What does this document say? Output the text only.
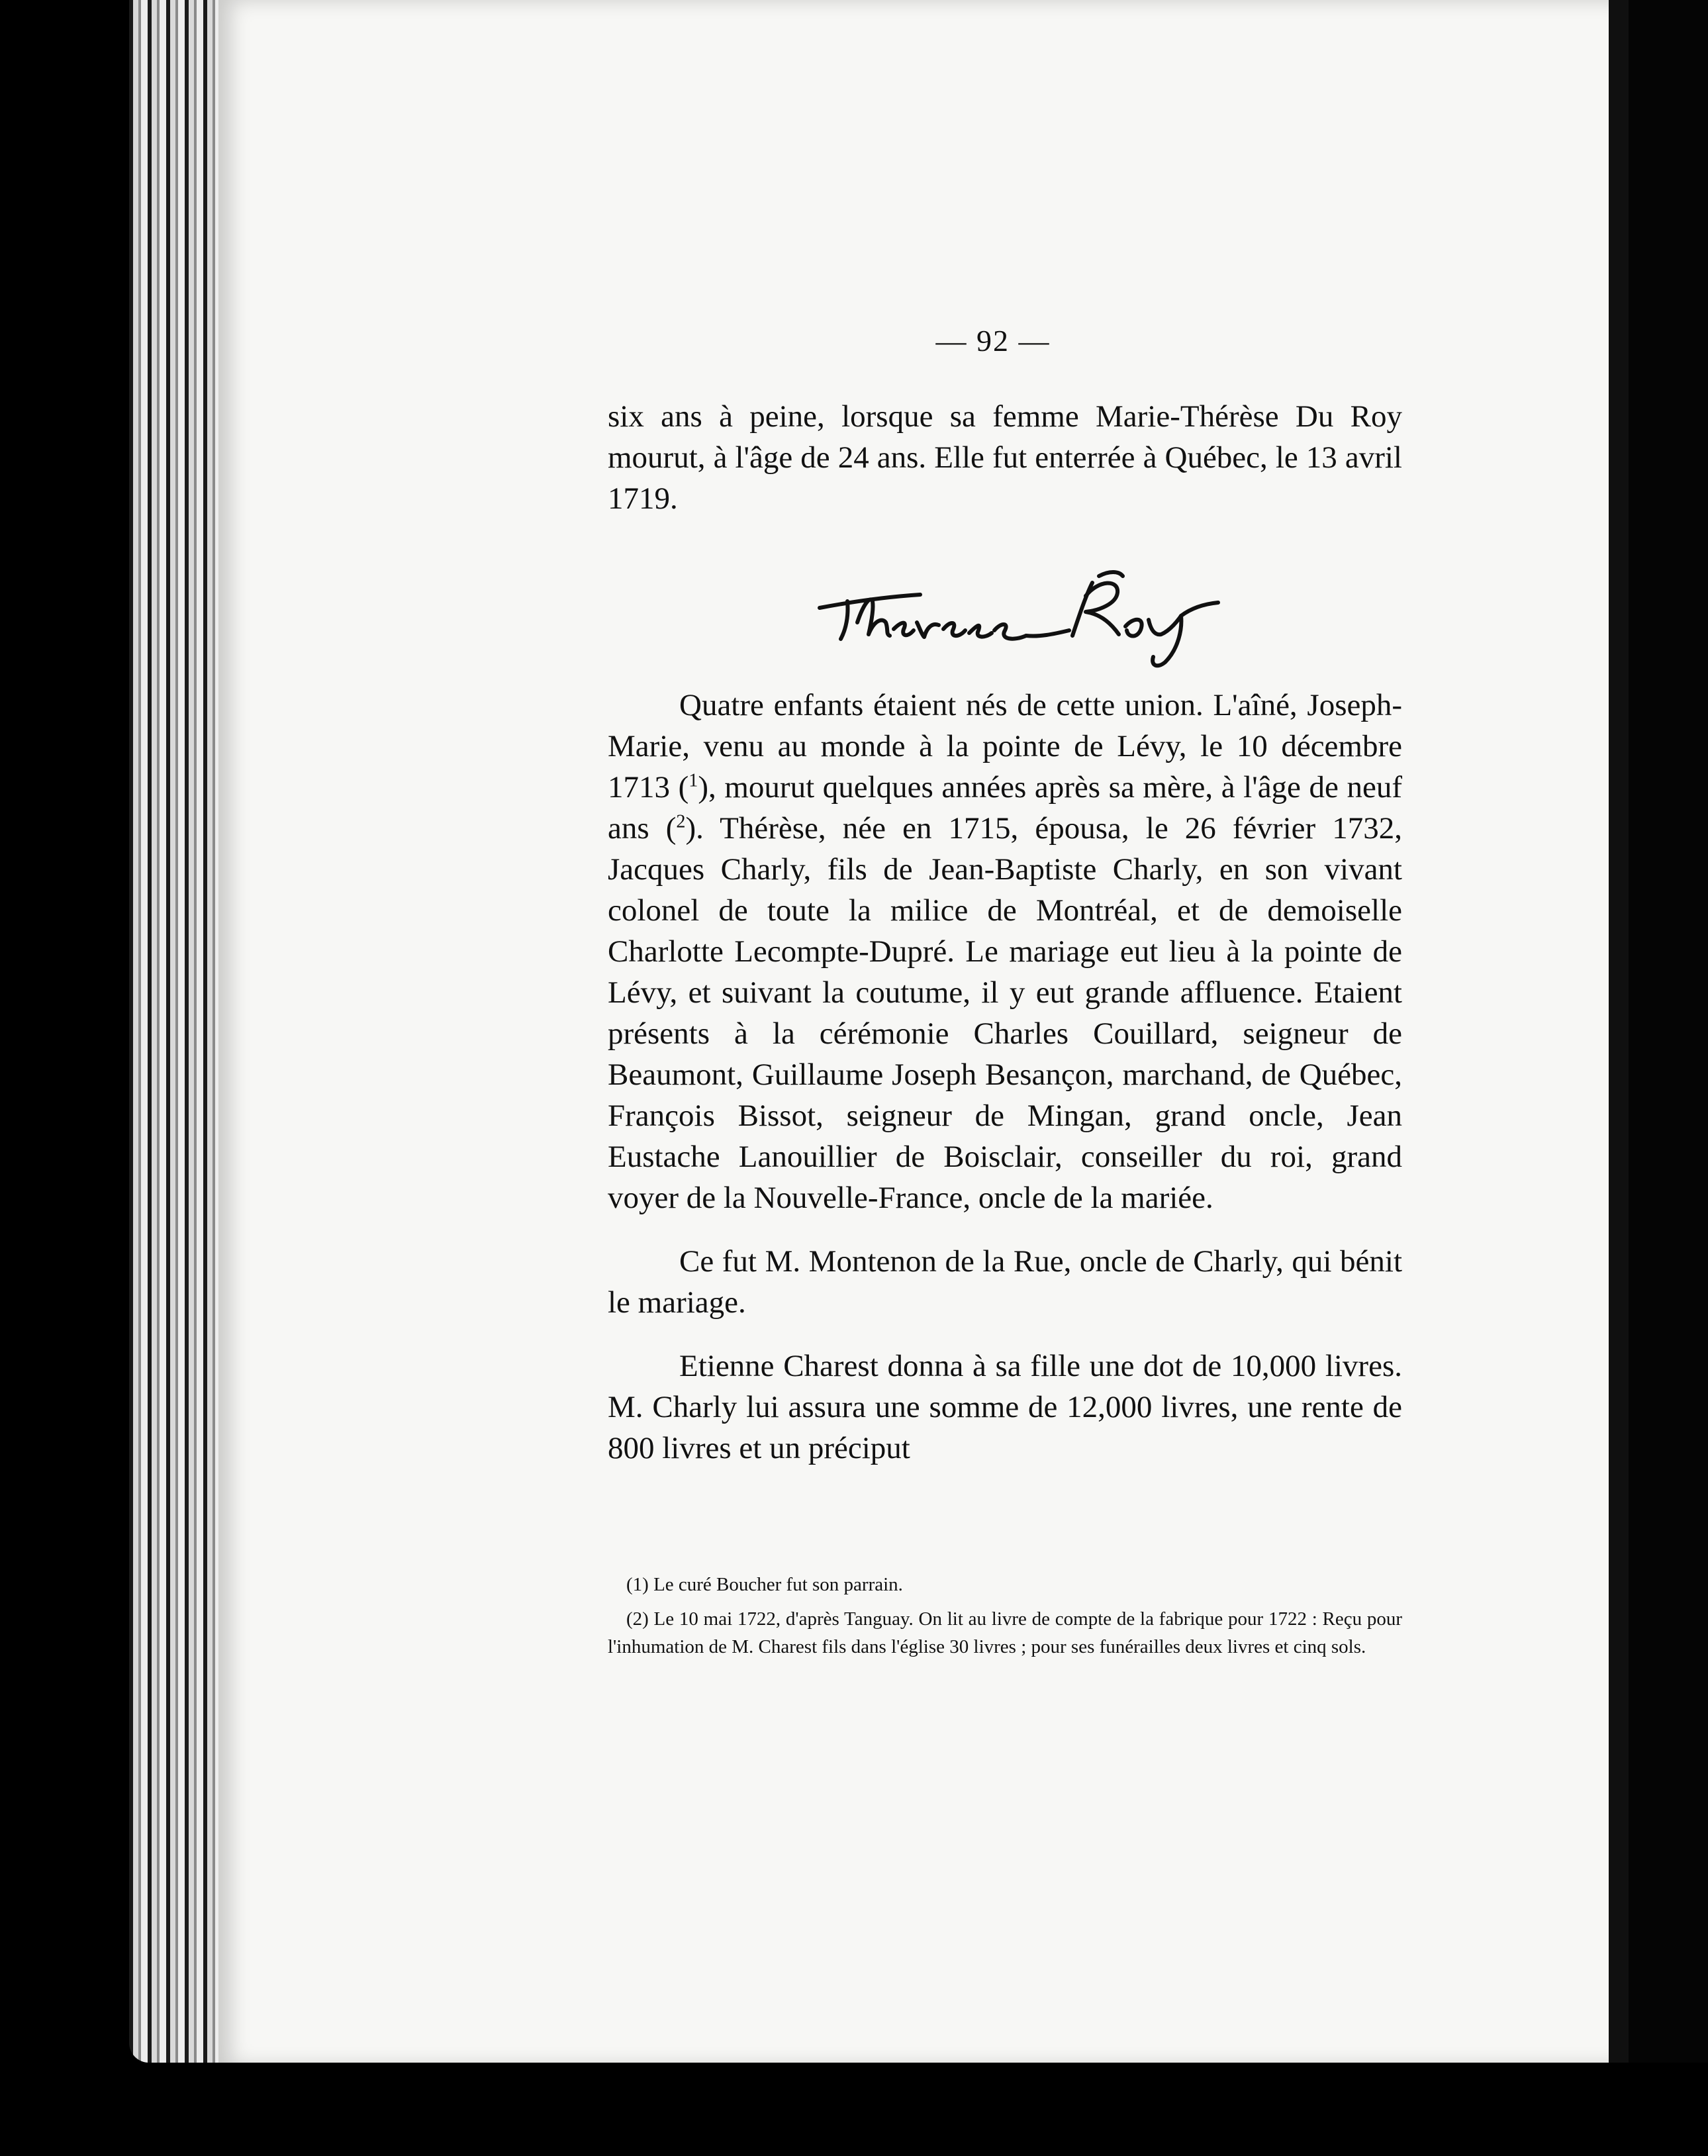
— 92 —

six ans à peine, lorsque sa femme Marie-Thérèse Du Roy mourut, à l'âge de 24 ans. Elle fut enterrée à Québec, le 13 avril 1719.

Quatre enfants étaient nés de cette union. L'aîné, Joseph-Marie, venu au monde à la pointe de Lévy, le 10 décembre 1713 ($^1$), mourut quelques années après sa mère, à l'âge de neuf ans ($^2$). Thérèse, née en 1715, épousa, le 26 février 1732, Jacques Charly, fils de Jean-Baptiste Charly, en son vivant colonel de toute la milice de Montréal, et de demoiselle Charlotte Lecompte-Dupré. Le mariage eut lieu à la pointe de Lévy, et suivant la coutume, il y eut grande affluence. Etaient présents à la cérémonie Charles Couillard, seigneur de Beaumont, Guillaume Joseph Besançon, marchand, de Québec, François Bissot, seigneur de Mingan, grand oncle, Jean Eustache Lanouillier de Boisclair, conseiller du roi, grand voyer de la Nouvelle-France, oncle de la mariée.

Ce fut M. Montenon de la Rue, oncle de Charly, qui bénit le mariage.

Etienne Charest donna à sa fille une dot de 10,000 livres. M. Charly lui assura une somme de 12,000 livres, une rente de 800 livres et un préciput

(1) Le curé Boucher fut son parrain.

(2) Le 10 mai 1722, d'après Tanguay. On lit au livre de compte de la fabrique pour 1722 : Reçu pour l'inhumation de M. Charest fils dans l'église 30 livres ; pour ses funérailles deux livres et cinq sols.
